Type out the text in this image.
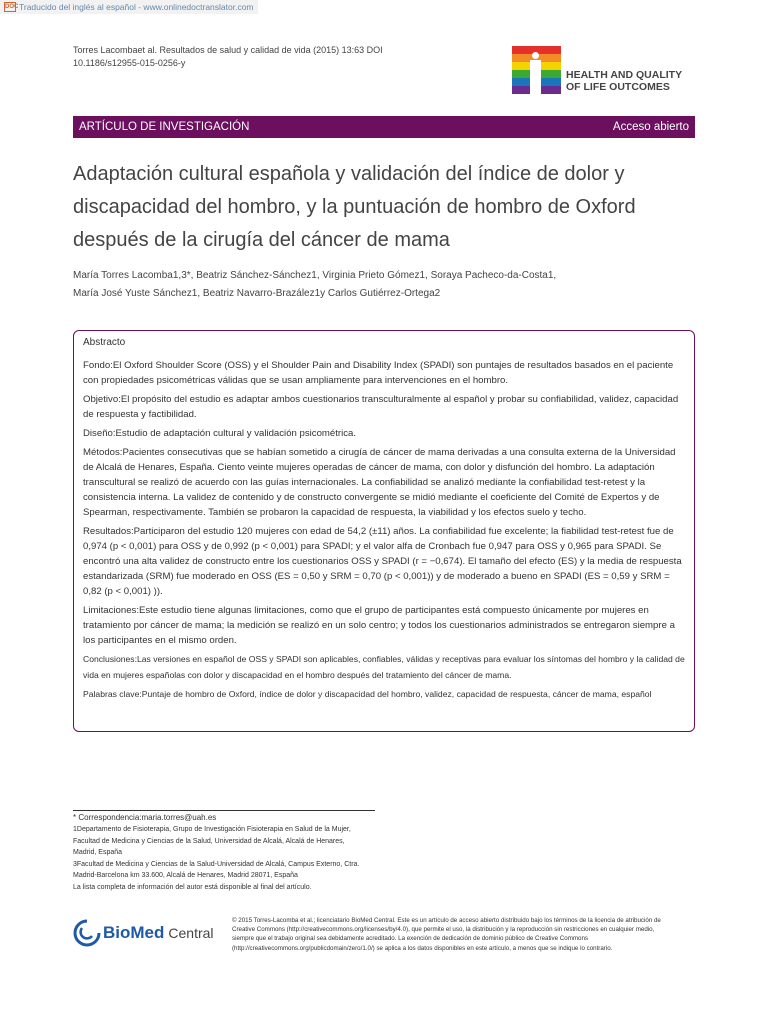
DOC Traducido del inglés al español - www.onlinedoctranslator.com
Torres Lacombaet al. Resultados de salud y calidad de vida (2015) 13:63 DOI
10.1186/s12955-015-0256-y
HEALTH AND QUALITY
OF LIFE OUTCOMES
ARTÍCULO DE INVESTIGACIÓN	Acceso abierto
Adaptación cultural española y validación del índice de dolor y
discapacidad del hombro, y la puntuación de hombro de Oxford
después de la cirugía del cáncer de mama
María Torres Lacomba1,3*, Beatriz Sánchez-Sánchez1, Virginia Prieto Gómez1, Soraya Pacheco-da-Costa1,
María José Yuste Sánchez1, Beatriz Navarro-Brazález1y Carlos Gutiérrez-Ortega2
Abstracto

Fondo:El Oxford Shoulder Score (OSS) y el Shoulder Pain and Disability Index (SPADI) son puntajes de resultados basados en el paciente con propiedades psicométricas válidas que se usan ampliamente para intervenciones en el hombro.

Objetivo:El propósito del estudio es adaptar ambos cuestionarios transculturalmente al español y probar su confiabilidad, validez, capacidad de respuesta y factibilidad.

Diseño:Estudio de adaptación cultural y validación psicométrica.

Métodos:Pacientes consecutivas que se habían sometido a cirugía de cáncer de mama derivadas a una consulta externa de la Universidad de Alcalá de Henares, España. Ciento veinte mujeres operadas de cáncer de mama, con dolor y disfunción del hombro. La adaptación transcultural se realizó de acuerdo con las guías internacionales. La confiabilidad se analizó mediante la confiabilidad test-retest y la consistencia interna. La validez de contenido y de constructo convergente se midió mediante el coeficiente del Comité de Expertos y de Spearman, respectivamente. También se probaron la capacidad de respuesta, la viabilidad y los efectos suelo y techo.

Resultados:Participaron del estudio 120 mujeres con edad de 54,2 (±11) años. La confiabilidad fue excelente; la fiabilidad test-retest fue de 0,974 (p < 0,001) para OSS y de 0,992 (p < 0,001) para SPADI; y el valor alfa de Cronbach fue 0,947 para OSS y 0,965 para SPADI. Se encontró una alta validez de constructo entre los cuestionarios OSS y SPADI (r = −0,674). El tamaño del efecto (ES) y la media de respuesta estandarizada (SRM) fue moderado en OSS (ES = 0,50 y SRM = 0,70 (p < 0,001)) y de moderado a bueno en SPADI (ES = 0,59 y SRM = 0,82 (p < 0,001) )).

Limitaciones:Este estudio tiene algunas limitaciones, como que el grupo de participantes está compuesto únicamente por mujeres en tratamiento por cáncer de mama; la medición se realizó en un solo centro; y todos los cuestionarios administrados se entregaron siempre a los participantes en el mismo orden.

Conclusiones:Las versiones en español de OSS y SPADI son aplicables, confiables, válidas y receptivas para evaluar los síntomas del hombro y la calidad de vida en mujeres españolas con dolor y discapacidad en el hombro después del tratamiento del cáncer de mama.

Palabras clave:Puntaje de hombro de Oxford, índice de dolor y discapacidad del hombro, validez, capacidad de respuesta, cáncer de mama, español

* Correspondencia:maria.torres@uah.es
1Departamento de Fisioterapia, Grupo de Investigación Fisioterapia en Salud de la Mujer, Facultad de Medicina y Ciencias de la Salud, Universidad de Alcalá, Alcalá de Henares, Madrid, España
3Facultad de Medicina y Ciencias de la Salud-Universidad de Alcalá, Campus Externo, Ctra. Madrid-Barcelona km 33.600, Alcalá de Henares, Madrid 28071, España
La lista completa de información del autor está disponible al final del artículo.
BioMed Central
© 2015 Torres-Lacomba et al.; licenciatario BioMed Central. Este es un artículo de acceso abierto distribuido bajo los términos de la licencia de atribución de Creative Commons (http://creativecommons.org/licenses/by/4.0), que permite el uso, la distribución y la reproducción sin restricciones en cualquier medio, siempre que el trabajo original sea debidamente acreditado. La exención de dedicación de dominio público de Creative Commons (http://creativecommons.org/publicdomain/zero/1.0/) se aplica a los datos disponibles en este artículo, a menos que se indique lo contrario.
